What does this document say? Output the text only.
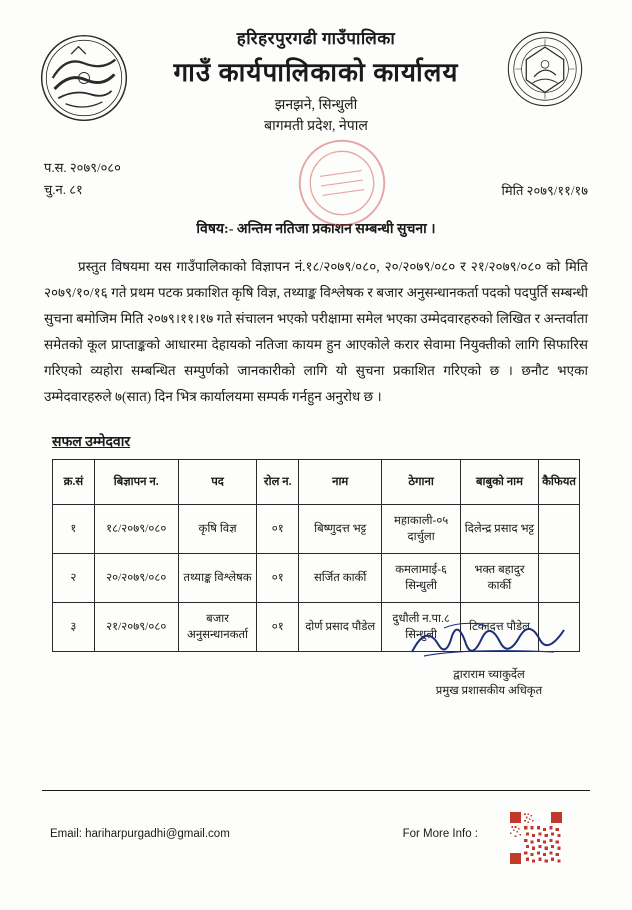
हरिहरपुरगढी गाउँपालिका

गाउँ कार्यपालिकाको कार्यालय

झनझने, सिन्धुली

बागमती प्रदेश, नेपाल

प.स. २०७९/०८०
चु.न. ८१	मिति २०७९/११/१७
विषय:- अन्तिम नतिजा प्रकाशन सम्बन्धी सुचना ।
प्रस्तुत विषयमा यस गाउँपालिकाको विज्ञापन नं.१८/२०७९/०८०, २०/२०७९/०८० र २१/२०७९/०८० को मिति २०७९/१०/१६ गते प्रथम पटक प्रकाशित कृषि विज्ञ, तथ्याङ्क विश्लेषक र बजार अनुसन्धानकर्ता पदको पदपुर्ति सम्बन्धी सुचना बमोजिम मिति २०७९।११।१७ गते संचालन भएको परीक्षामा समेल भएका उम्मेदवारहरुको लिखित र अन्तर्वाता समेतको कूल प्राप्ताङ्कको आधारमा देहायको नतिजा कायम हुन आएकोले करार सेवामा नियुक्तीको लागि सिफारिस गरिएको व्यहोरा सम्बन्धित सम्पुर्णको जानकारीको लागि यो सुचना प्रकाशित गरिएको छ । छनौट भएका उम्मेदवारहरुले ७(सात) दिन भित्र कार्यालयमा सम्पर्क गर्नहुन अनुरोध छ ।
सफल उम्मेदवार
क्र.सं	बिज्ञापन न.	पद	रोल न.	नाम	ठेगाना	बाबुको नाम	कैफियत
१	१८/२०७९/०८०	कृषि विज्ञ	०१	बिष्णुदत्त भट्ट	महाकाली-०५ दार्चुला	दिलेन्द्र प्रसाद भट्ट	
२	२०/२०७९/०८०	तथ्याङ्क विश्लेषक	०१	सर्जित कार्की	कमलामाई-६ सिन्धुली	भक्त बहादुर कार्की	
३	२१/२०७९/०८०	बजार अनुसन्धानकर्ता	०१	दोर्ण प्रसाद पौडेल	दुधौली न.पा.८ सिन्धुली	टिकादत्त पौडेल	
द्वाराराम च्याकुर्देल
प्रमुख प्रशासकीय अधिकृत
Email: hariharpurgadhi@gmail.com	For More Info :
